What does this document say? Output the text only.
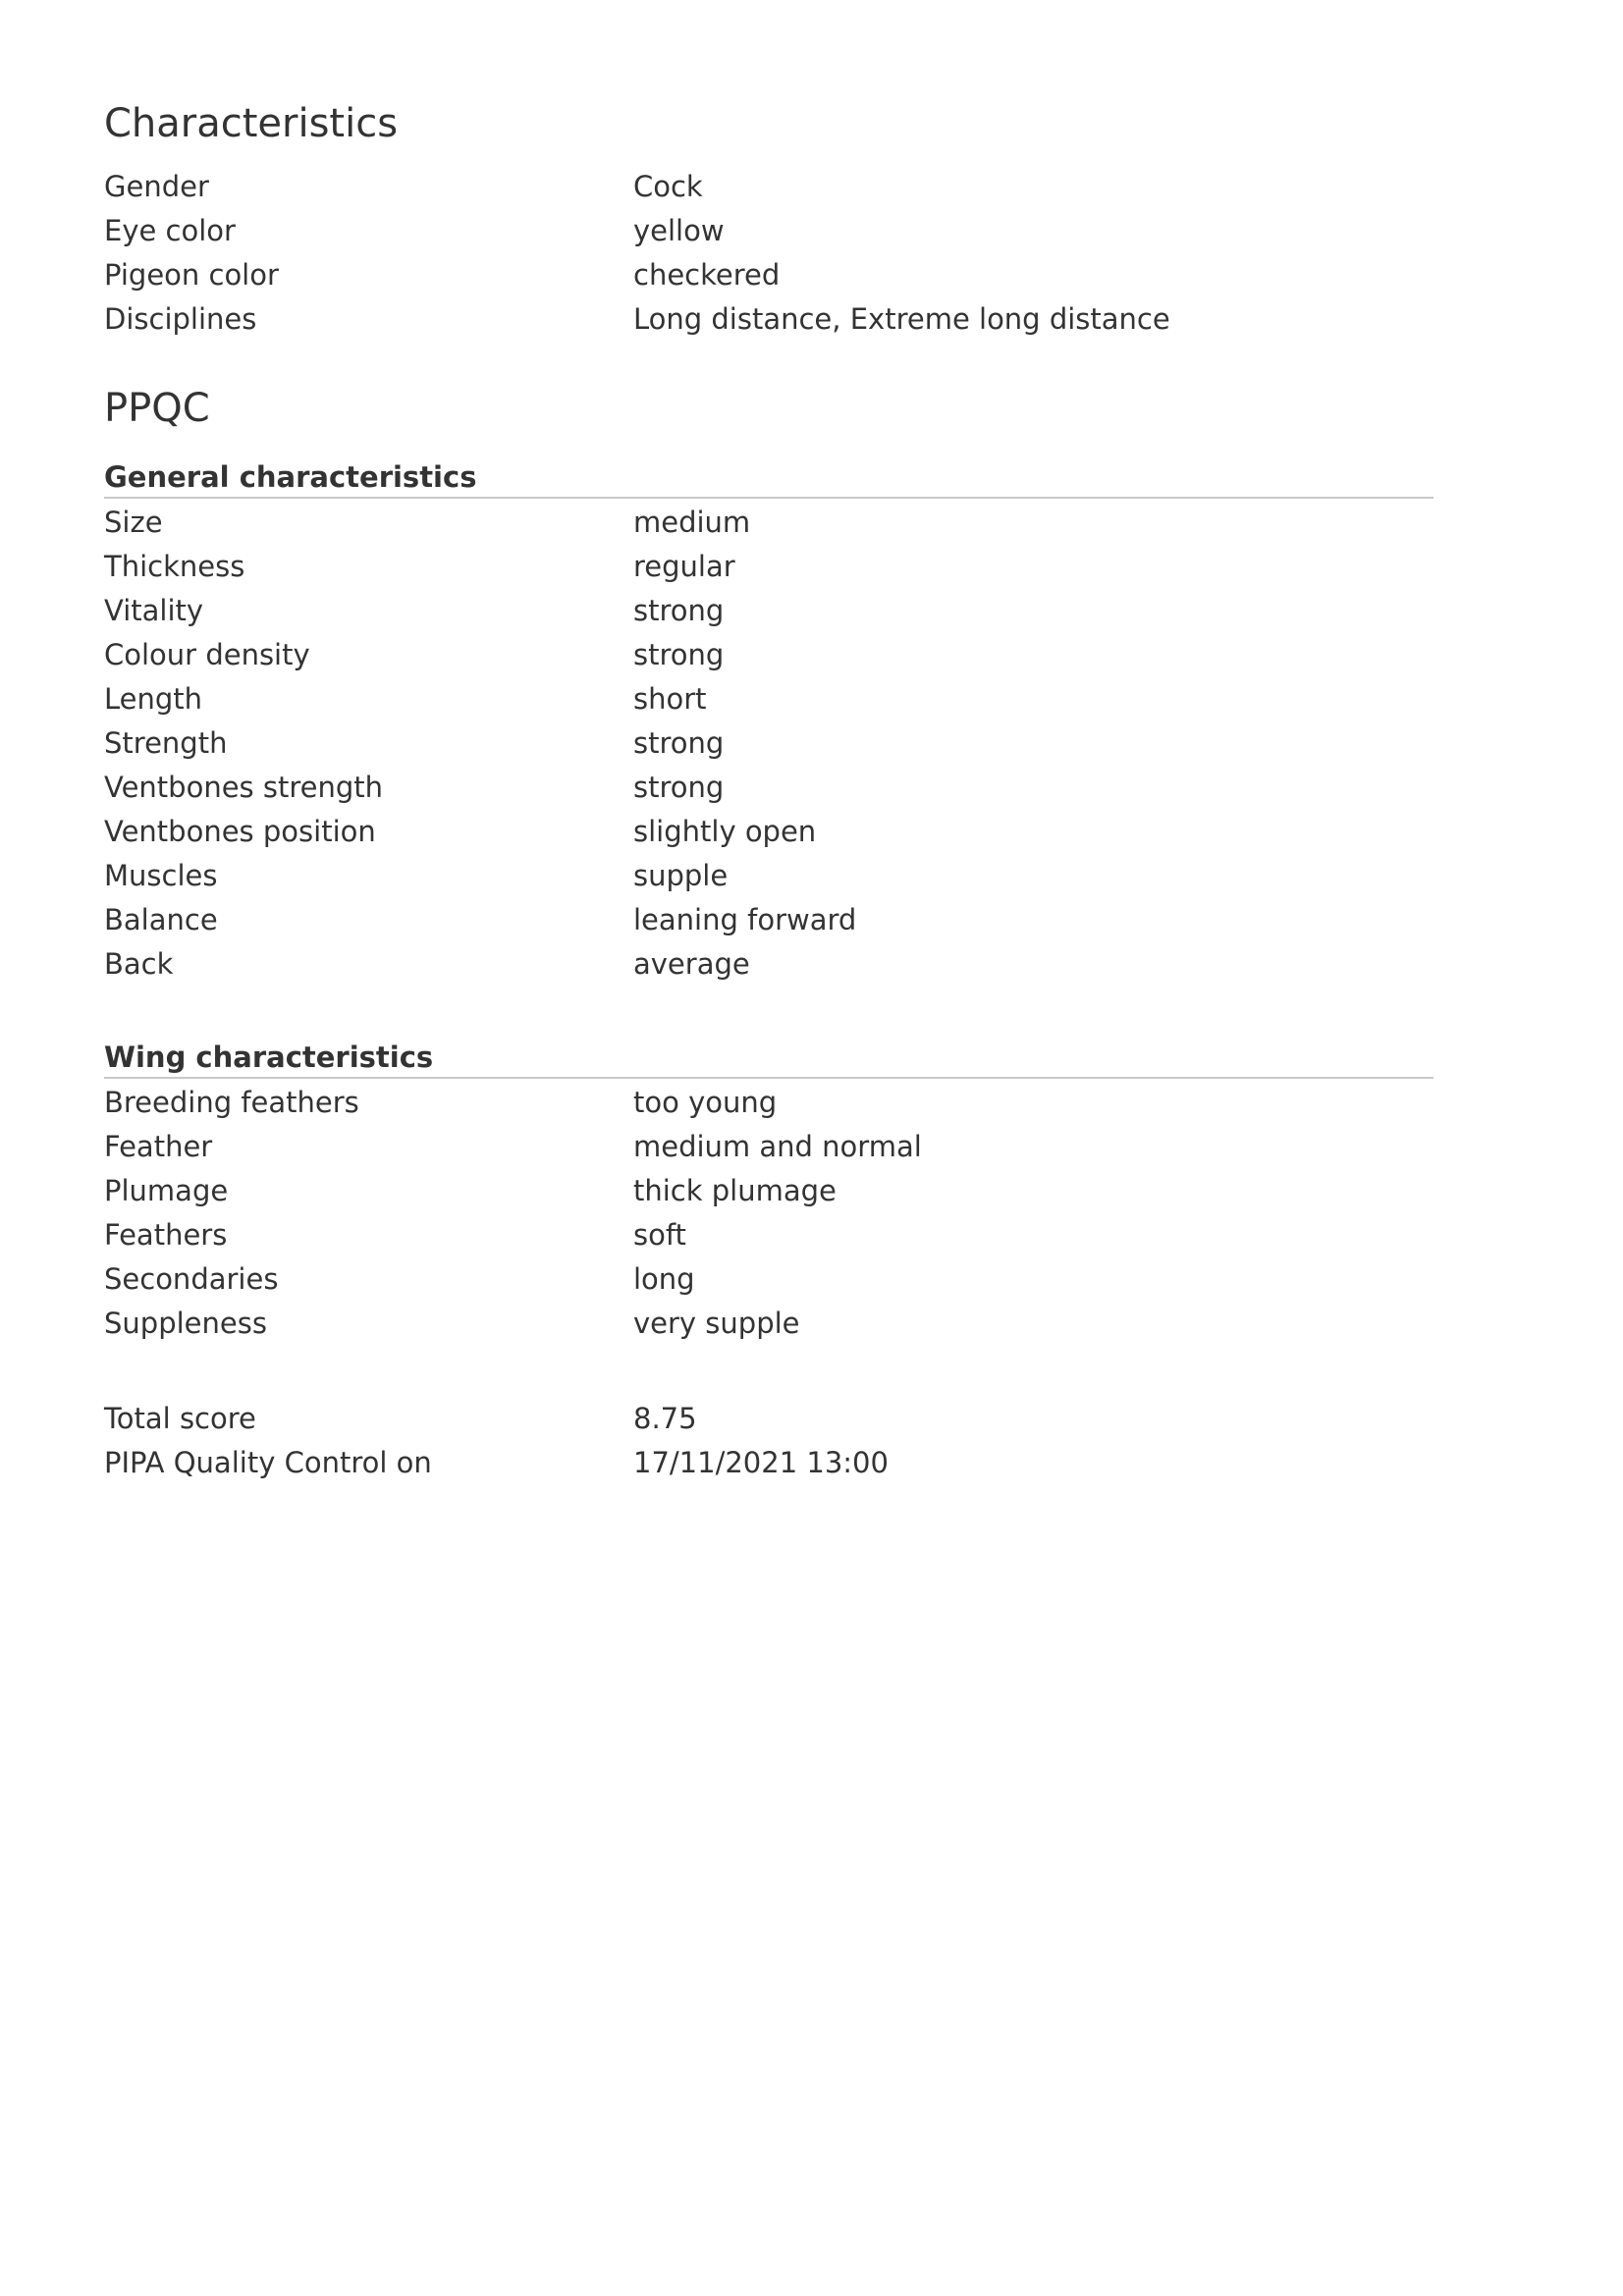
Characteristics
Gender	Cock
Eye color	yellow
Pigeon color	checkered
Disciplines	Long distance, Extreme long distance
PPQC
General characteristics
Size	medium
Thickness	regular
Vitality	strong
Colour density	strong
Length	short
Strength	strong
Ventbones strength	strong
Ventbones position	slightly open
Muscles	supple
Balance	leaning forward
Back	average
Wing characteristics
Breeding feathers	too young
Feather	medium and normal
Plumage	thick plumage
Feathers	soft
Secondaries	long
Suppleness	very supple
Total score	8.75
PIPA Quality Control on	17/11/2021 13:00
